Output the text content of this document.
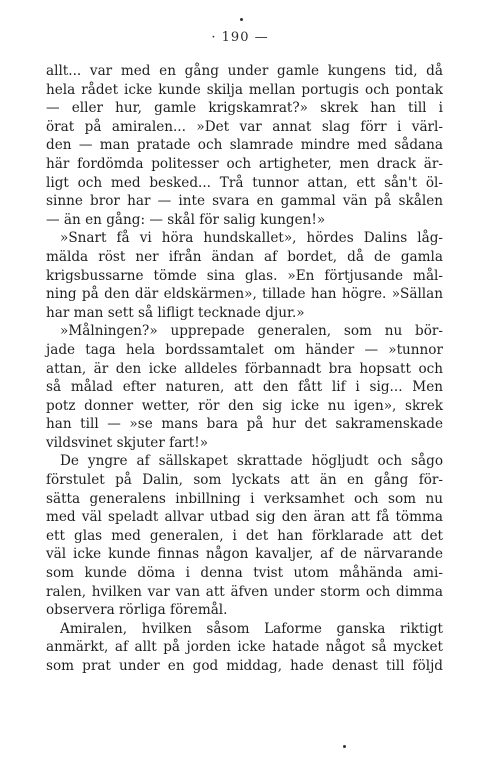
· 190 —
allt... var med en gång under gamle kungens tid, då
hela rådet icke kunde skilja mellan portugis och pontak
— eller hur, gamle krigskamrat?» skrek han till i
örat på amiralen... »Det var annat slag förr i värl-
den — man pratade och slamrade mindre med sådana
här fordömda politesser och artigheter, men drack är-
ligt och med besked... Trå tunnor attan, ett sån't öl-
sinne bror har — inte svara en gammal vän på skålen
— än en gång: — skål för salig kungen!»
»Snart få vi höra hundskallet», hördes Dalins låg-
mälda röst ner ifrån ändan af bordet, då de gamla
krigsbussarne tömde sina glas. »En förtjusande mål-
ning på den där eldskärmen», tillade han högre. »Sällan
har man sett så lifligt tecknade djur.»
»Målningen?» upprepade generalen, som nu bör-
jade taga hela bordssamtalet om händer — »tunnor
attan, är den icke alldeles förbannadt bra hopsatt och
så målad efter naturen, att den fått lif i sig... Men
potz donner wetter, rör den sig icke nu igen», skrek
han till — »se mans bara på hur det sakramenskade
vildsvinet skjuter fart!»
De yngre af sällskapet skrattade högljudt och sågo
förstulet på Dalin, som lyckats att än en gång för-
sätta generalens inbillning i verksamhet och som nu
med väl speladt allvar utbad sig den äran att få tömma
ett glas med generalen, i det han förklarade att det
väl icke kunde finnas någon kavaljer, af de närvarande
som kunde döma i denna tvist utom måhända ami-
ralen, hvilken var van att äfven under storm och dimma
observera rörliga föremål.
Amiralen, hvilken såsom Laforme ganska riktigt
anmärkt, af allt på jorden icke hatade något så mycket
som prat under en god middag, hade denast till följd
